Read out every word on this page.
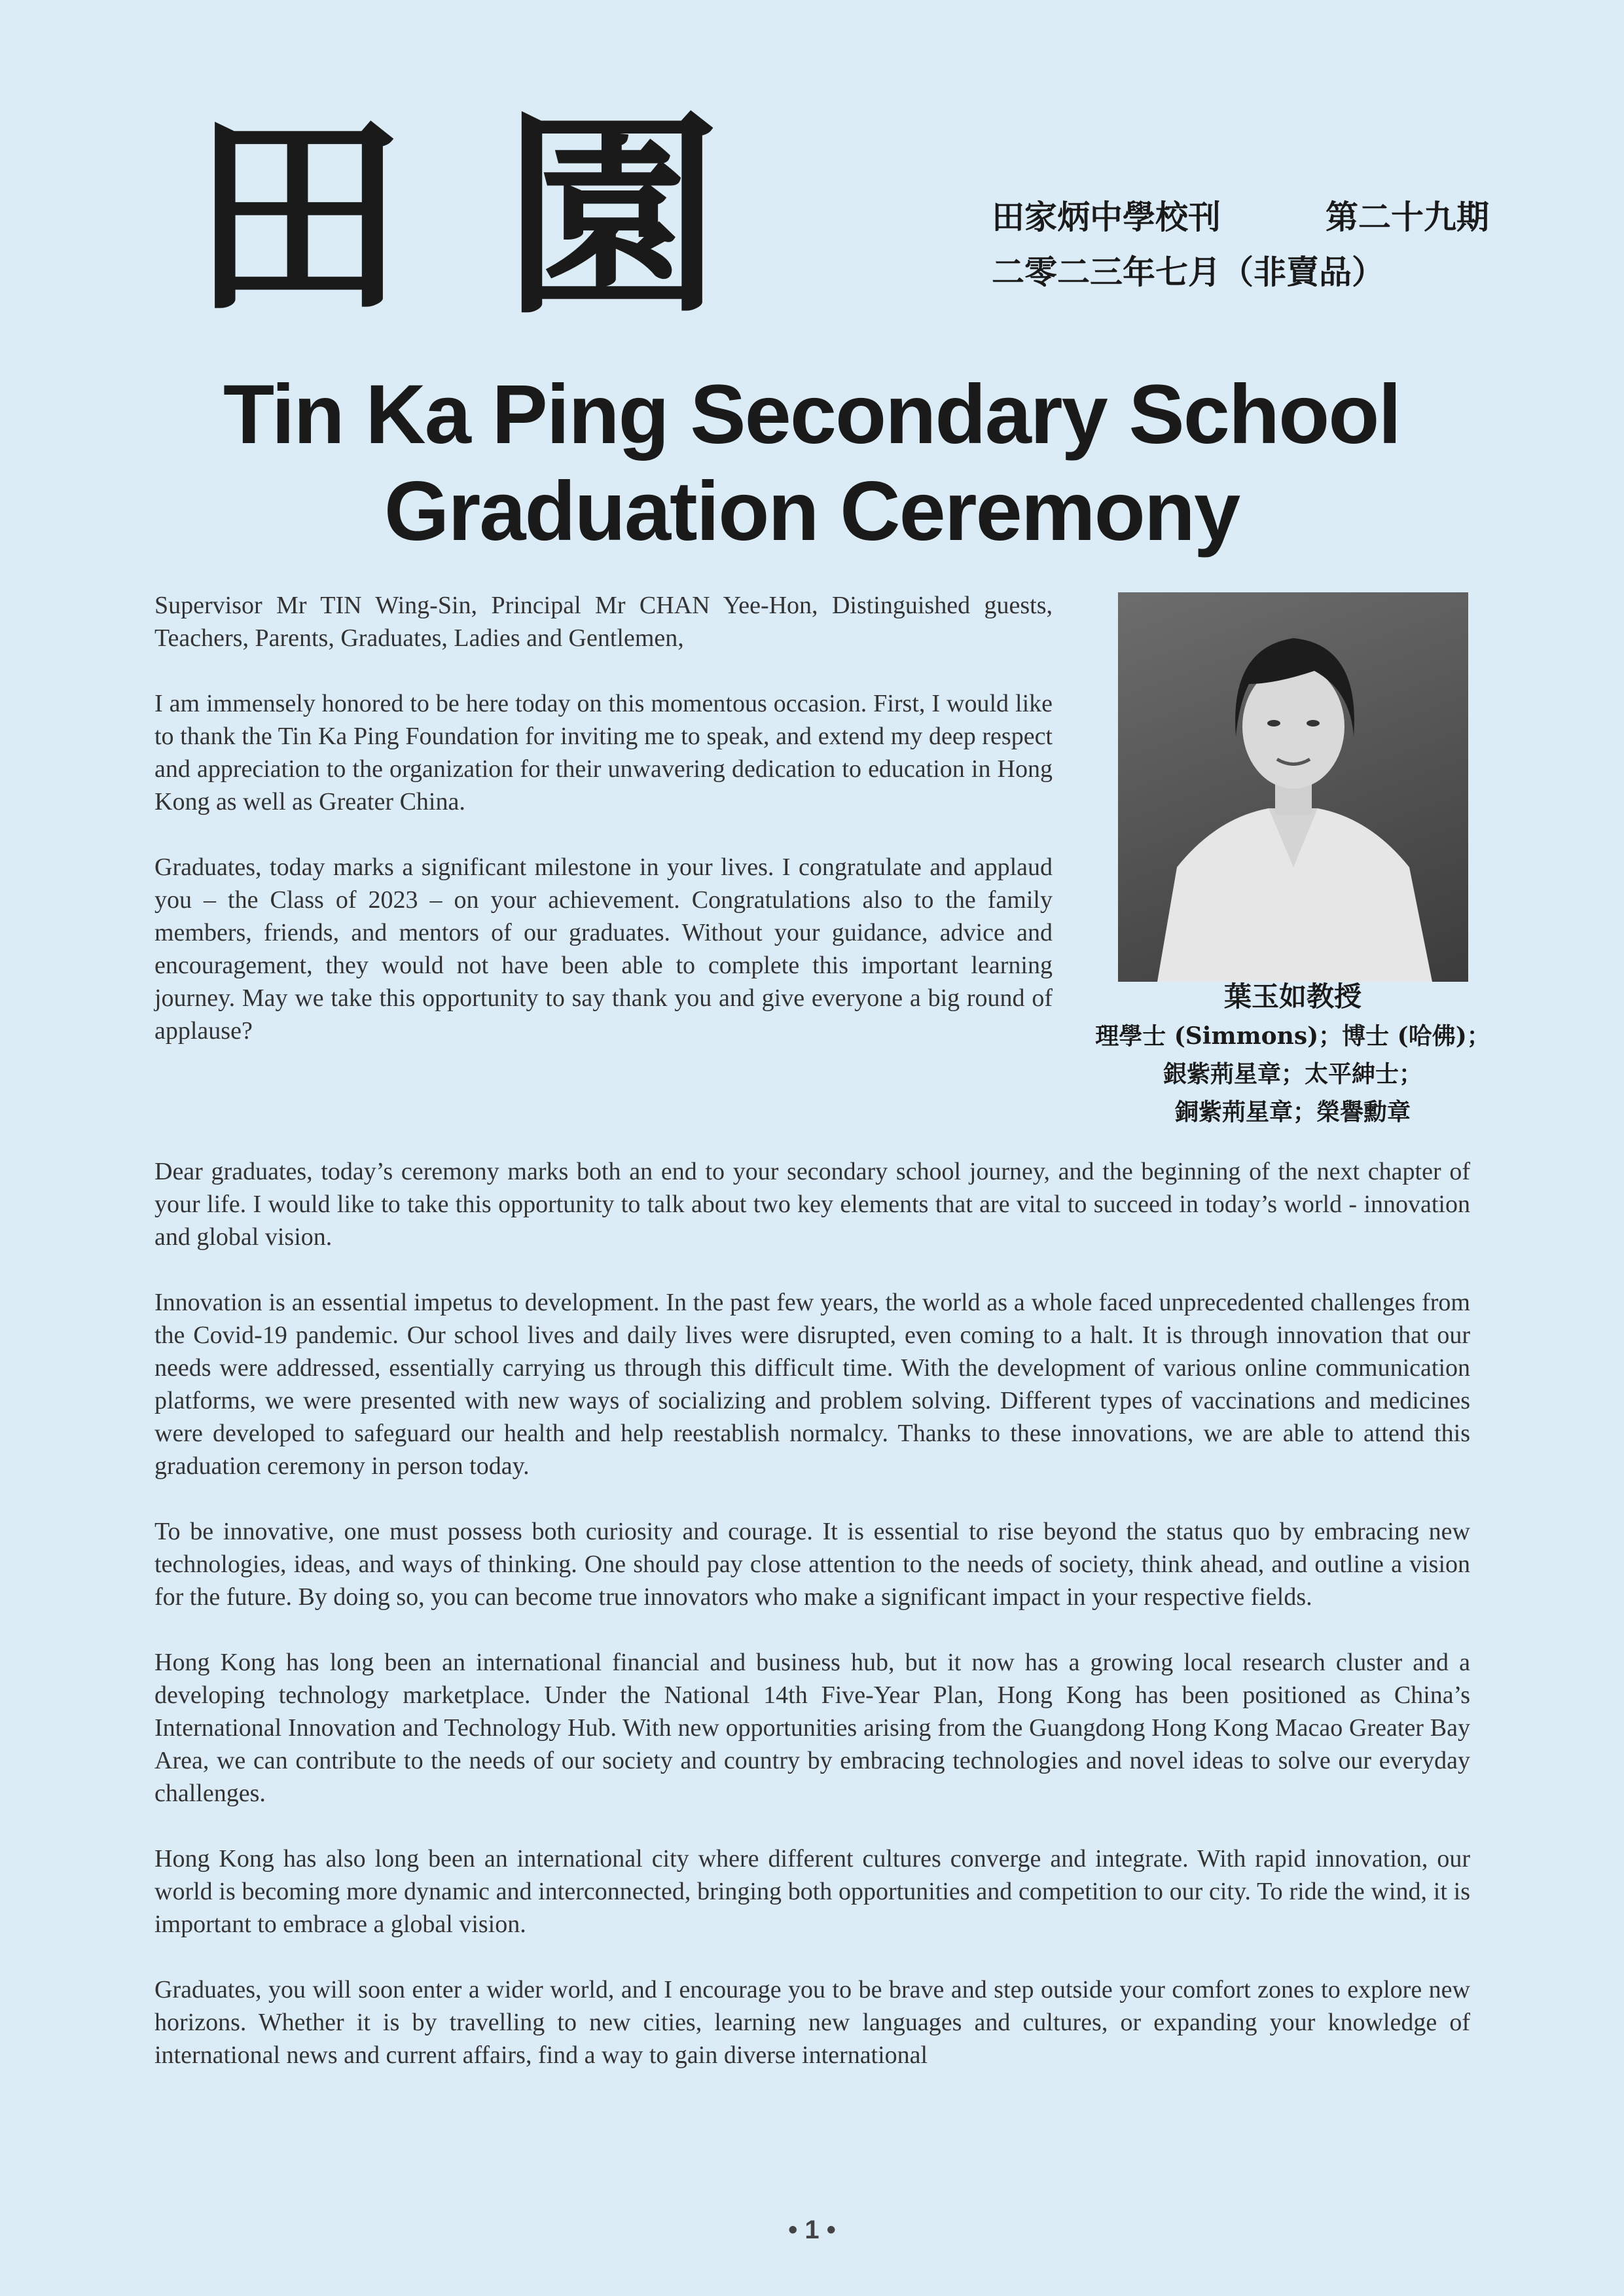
田 園	田家炳中學校刊	第二十九期
二零二三年七月（非賣品）
Tin Ka Ping Secondary School
Graduation Ceremony

Supervisor Mr TIN Wing-Sin, Principal Mr CHAN Yee-Hon, Distinguished guests, Teachers, Parents, Graduates, Ladies and Gentlemen,

I am immensely honored to be here today on this momentous occasion. First, I would like to thank the Tin Ka Ping Foundation for inviting me to speak, and extend my deep respect and appreciation to the organization for their unwavering dedication to education in Hong Kong as well as Greater China.

Graduates, today marks a significant milestone in your lives. I congratulate and applaud you – the Class of 2023 – on your achievement. Congratulations also to the family members, friends, and mentors of our graduates. Without your guidance, advice and encouragement, they would not have been able to complete this important learning journey. May we take this opportunity to say thank you and give everyone a big round of applause?

葉玉如教授
理學士 (Simmons)；博士 (哈佛)；
銀紫荊星章；太平紳士；
銅紫荊星章；榮譽勳章

Dear graduates, today’s ceremony marks both an end to your secondary school journey, and the beginning of the next chapter of your life. I would like to take this opportunity to talk about two key elements that are vital to succeed in today’s world - innovation and global vision.

Innovation is an essential impetus to development. In the past few years, the world as a whole faced unprecedented challenges from the Covid-19 pandemic. Our school lives and daily lives were disrupted, even coming to a halt. It is through innovation that our needs were addressed, essentially carrying us through this difficult time. With the development of various online communication platforms, we were presented with new ways of socializing and problem solving. Different types of vaccinations and medicines were developed to safeguard our health and help reestablish normalcy. Thanks to these innovations, we are able to attend this graduation ceremony in person today.

To be innovative, one must possess both curiosity and courage. It is essential to rise beyond the status quo by embracing new technologies, ideas, and ways of thinking. One should pay close attention to the needs of society, think ahead, and outline a vision for the future. By doing so, you can become true innovators who make a significant impact in your respective fields.

Hong Kong has long been an international financial and business hub, but it now has a growing local research cluster and a developing technology marketplace. Under the National 14th Five-Year Plan, Hong Kong has been positioned as China’s International Innovation and Technology Hub. With new opportunities arising from the Guangdong Hong Kong Macao Greater Bay Area, we can contribute to the needs of our society and country by embracing technologies and novel ideas to solve our everyday challenges.

Hong Kong has also long been an international city where different cultures converge and integrate. With rapid innovation, our world is becoming more dynamic and interconnected, bringing both opportunities and competition to our city. To ride the wind, it is important to embrace a global vision.

Graduates, you will soon enter a wider world, and I encourage you to be brave and step outside your comfort zones to explore new horizons. Whether it is by travelling to new cities, learning new languages and cultures, or expanding your knowledge of international news and current affairs, find a way to gain diverse international

• 1 •
